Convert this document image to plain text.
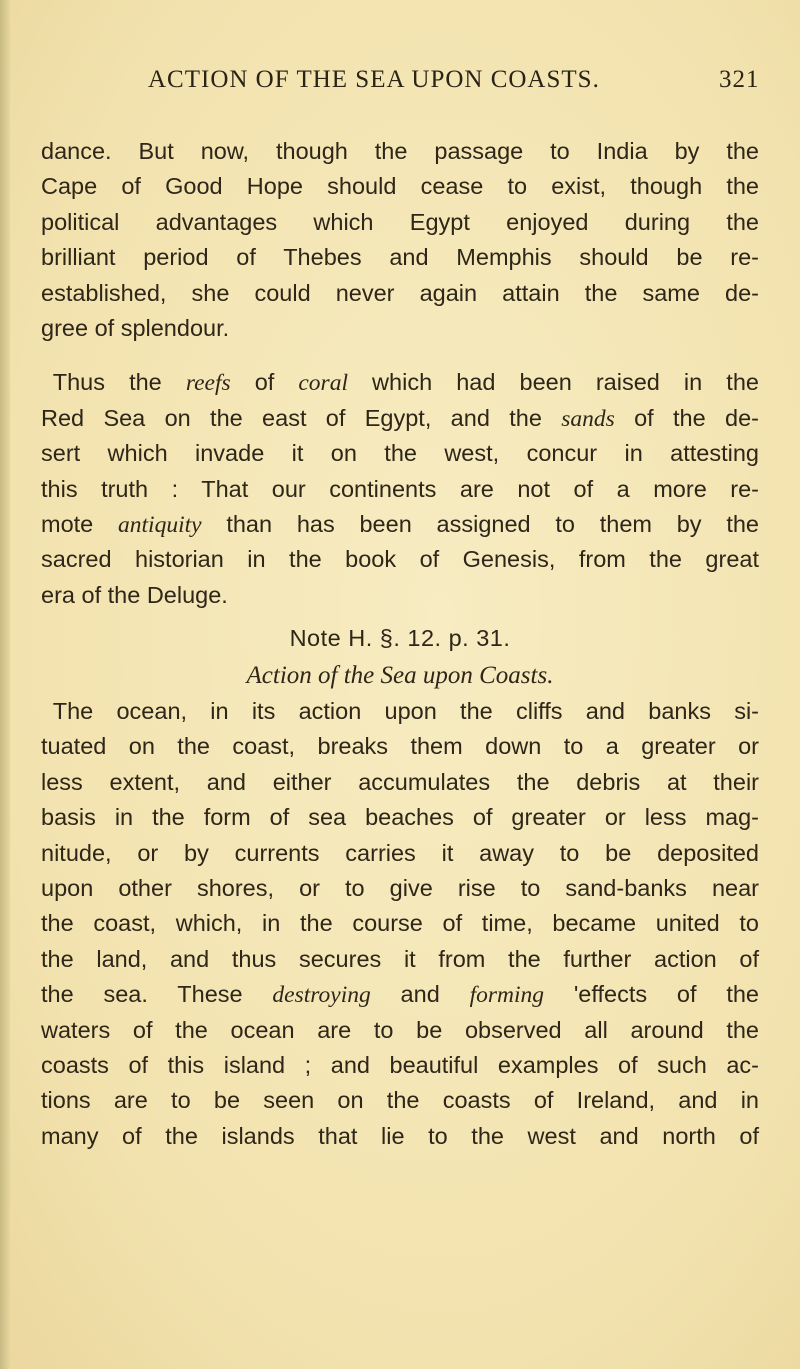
ACTION OF THE SEA UPON COASTS.	321
dance. But now, though the passage to India by the
Cape of Good Hope should cease to exist, though the
political advantages which Egypt enjoyed during the
brilliant period of Thebes and Memphis should be re-
established, she could never again attain the same de-
gree of splendour.
 Thus the reefs of coral which had been raised in the
Red Sea on the east of Egypt, and the sands of the de-
sert which invade it on the west, concur in attesting
this truth : That our continents are not of a more re-
mote antiquity than has been assigned to them by the
sacred historian in the book of Genesis, from the great
era of the Deluge.
Note H. §. 12. p. 31.
Action of the Sea upon Coasts.
 The ocean, in its action upon the cliffs and banks si-
tuated on the coast, breaks them down to a greater or
less extent, and either accumulates the debris at their
basis in the form of sea beaches of greater or less mag-
nitude, or by currents carries it away to be deposited
upon other shores, or to give rise to sand-banks near
the coast, which, in the course of time, became united to
the land, and thus secures it from the further action of
the sea. These destroying and forming 'effects of the
waters of the ocean are to be observed all around the
coasts of this island ; and beautiful examples of such ac-
tions are to be seen on the coasts of Ireland, and in
many of the islands that lie to the west and north of
